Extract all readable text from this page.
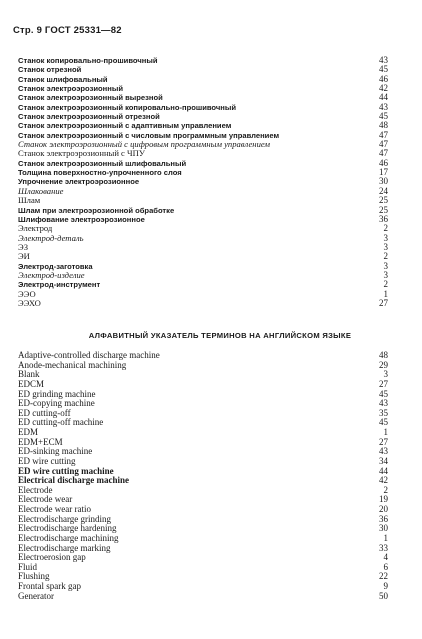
Стр. 9 ГОСТ 25331—82
Станок копировально-прошивочный	43
Станок отрезной	45
Станок шлифовальный	46
Станок электроэрозионный	42
Станок электроэрозионный вырезной	44
Станок электроэрозионный копировально-прошивочный	43
Станок электроэрозионный отрезной	45
Станок электроэрозионный с адаптивным управлением	48
Станок электроэрозионный с числовым программным управлением	47
Станок электроэрозионный с цифровым программным управлением	47
Станок электроэрозионный с ЧПУ	47
Станок электроэрозионный шлифовальный	46
Толщина поверхностно-упрочненного слоя	17
Упрочнение электроэрозионное	30
Шлакование	24
Шлам	25
Шлам при электроэрозионной обработке	25
Шлифование электроэрозионное	36
Электрод	2
Электрод-деталь	3
ЭЗ	3
ЭИ	2
Электрод-заготовка	3
Электрод-изделие	3
Электрод-инструмент	2
ЭЭО	1
ЭЭХО	27
АЛФАВИТНЫЙ УКАЗАТЕЛЬ ТЕРМИНОВ НА АНГЛИЙСКОМ ЯЗЫКЕ
Adaptive-controlled discharge machine	48
Anode-mechanical machining	29
Blank	3
EDCM	27
ED grinding machine	45
ED-copying machine	43
ED cutting-off	35
ED cutting-off machine	45
EDM	1
EDM+ECM	27
ED-sinking machine	43
ED wire cutting	34
ED wire cutting machine	44
Electrical discharge machine	42
Electrode	2
Electrode wear	19
Electrode wear ratio	20
Electrodischarge grinding	36
Electrodischarge hardening	30
Electrodischarge machining	1
Electrodischarge marking	33
Electroerosion gap	4
Fluid	6
Flushing	22
Frontal spark gap	9
Generator	50
